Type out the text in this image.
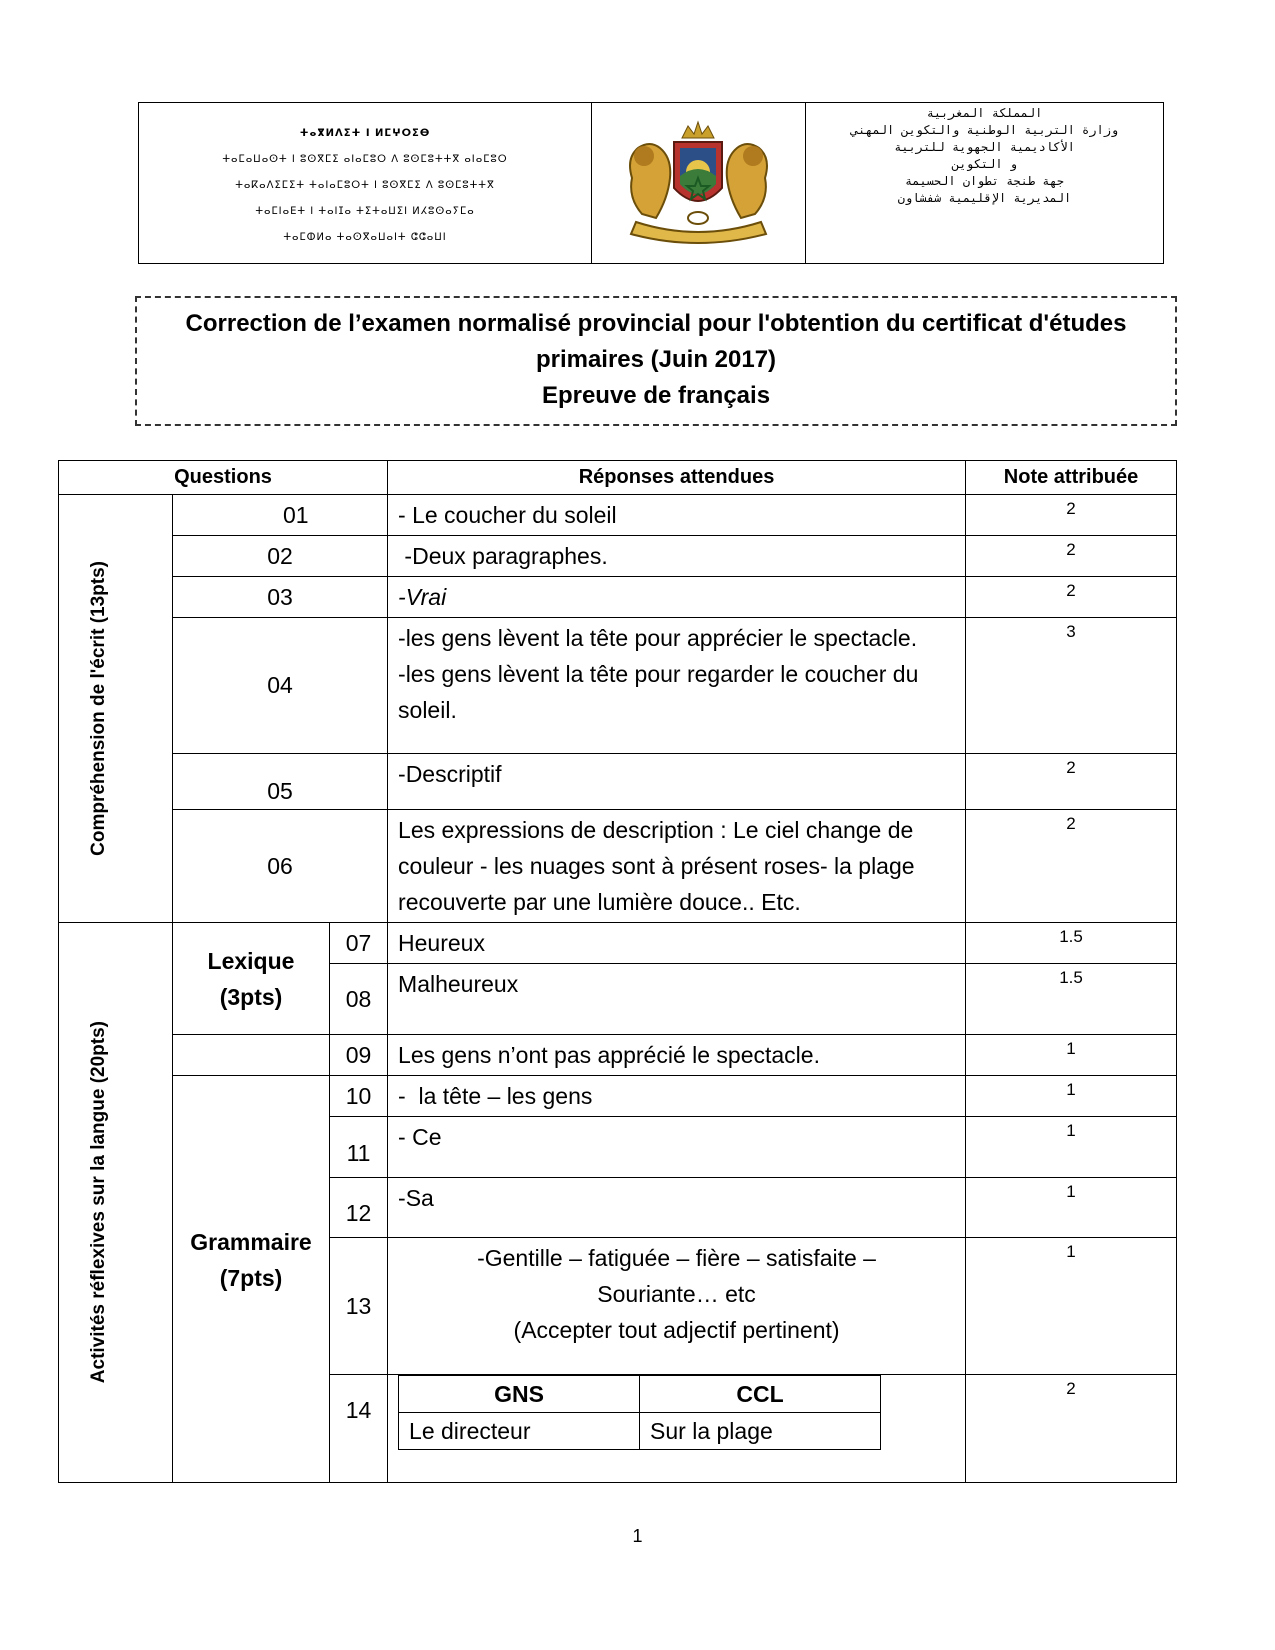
ⵜⴰⴳⵍⴷⵉⵜ ⵏ ⵍⵎⵖⵔⵉⴱ
ⵜⴰⵎⴰⵡⴰⵙⵜ ⵏ ⵓⵙⴳⵎⵉ ⴰⵏⴰⵎⵓⵔ ⴷ ⵓⵙⵎⵓⵜⵜⴳ ⴰⵏⴰⵎⵓⵔ
ⵜⴰⴽⴰⴷⵉⵎⵉⵜ ⵜⴰⵏⴰⵎⵓⵔⵜ ⵏ ⵓⵙⴳⵎⵉ ⴷ ⵓⵙⵎⵓⵜⵜⴳ
ⵜⴰⵎⵏⴰⴹⵜ ⵏ ⵜⴰⵏⵊⴰ ⵜⵉⵜⴰⵡⵉⵏ ⵍⵃⵓⵙⴰⵢⵎⴰ
ⵜⴰⵎⵀⵍⴰ ⵜⴰⵙⴳⴰⵡⴰⵏⵜ ⵛⵛⴰⵡⵏ
المملكة المغربية
وزارة التربية الوطنية والتكوين المهني
الأكاديمية الجهوية للتربية
و التكوين
جهة طنجة تطوان الحسيمة
المديرية الإقليمية شفشاون
Correction de l’examen normalisé provincial pour l'obtention du certificat d'études
primaires (Juin 2017)
Epreuve de français
Questions	Réponses attendues	Note attribuée

Compréhension de l'écrit (13pts)
	01	- Le coucher du soleil	2
02	-Deux paragraphes.	2
03	-Vrai	2
04	
-les gens lèvent la tête pour apprécier le spectacle.
-les gens lèvent la tête pour regarder le coucher du soleil.
	3
05	-Descriptif	2
06	Les expressions de description : Le ciel change de couleur - les nuages sont à présent roses- la plage recouverte par une lumière douce.. Etc.	2

Activités réflexives sur la langue (20pts)

Lexique
(3pts)
	07	Heureux	1.5
08	Malheureux	1.5
	09	Les gens n’ont pas apprécié le spectacle.	1

Grammaire
(7pts)
	10	-  la tête – les gens	1
11	- Ce	1
12	-Sa	1
13	
-Gentille – fatiguée – fière – satisfaite –
Souriante… etc
(Accepter tout adjectif pertinent)
	1
14	
GNS	CCL
Le directeur	Sur la plage
	2
1
